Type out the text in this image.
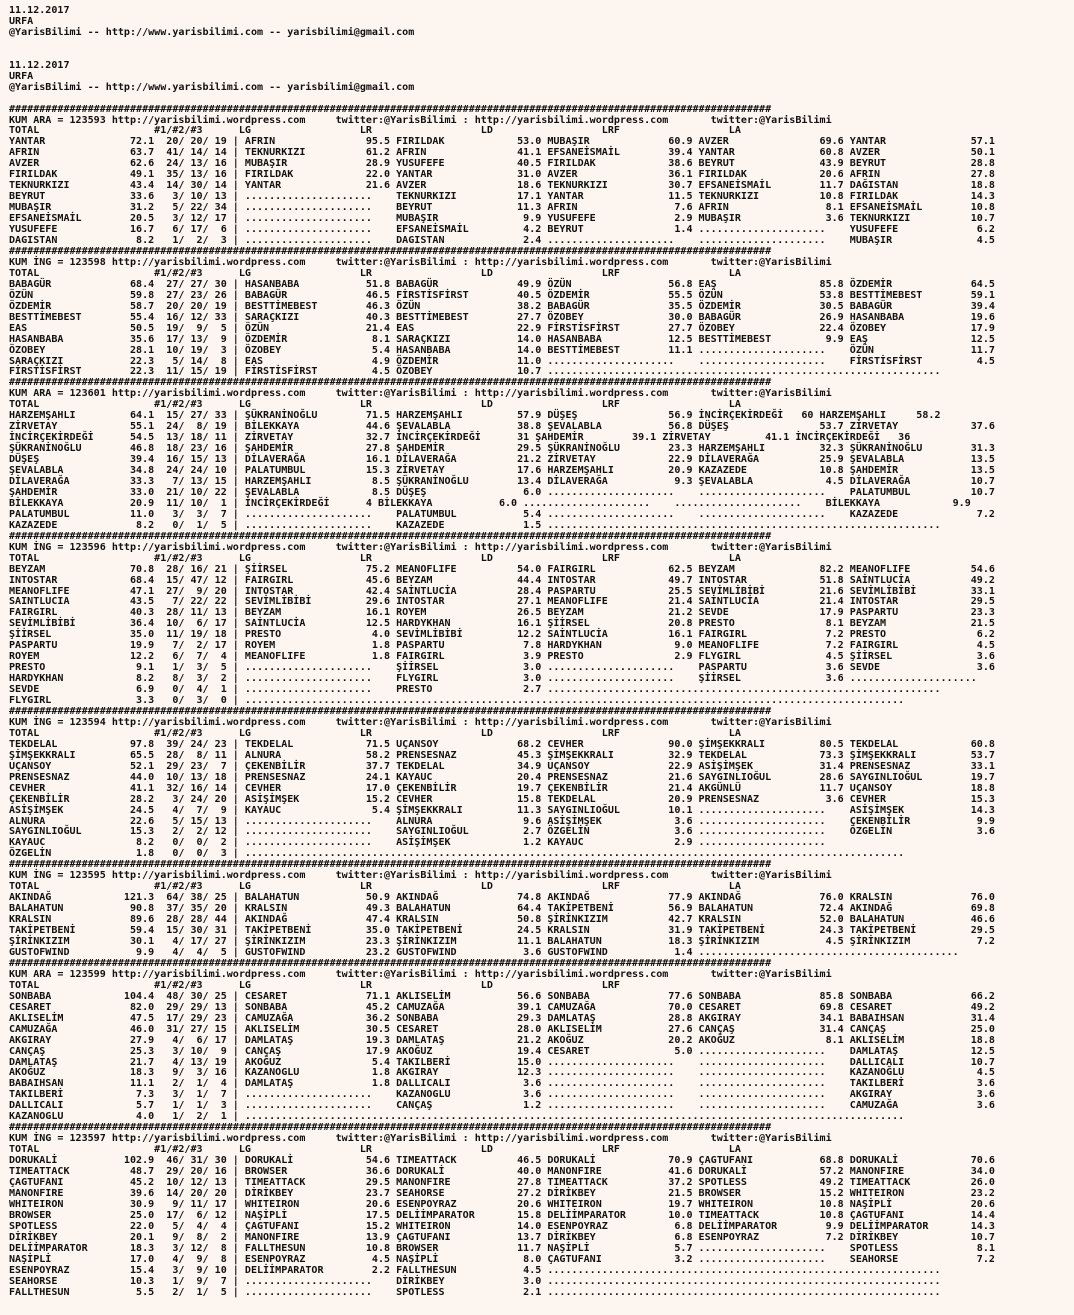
11.12.2017
URFA
@YarisBilimi -- http://www.yarisbilimi.com -- yarisbilimi@gmail.com

11.12.2017
URFA
@YarisBilimi -- http://www.yarisbilimi.com -- yarisbilimi@gmail.com

##############################################################################################################################
KUM ARA = 123593 http://yarisbilimi.wordpress.com     twitter:@YarisBilimi : http://yarisbilimi.wordpress.com       twitter:@YarisBilimi
TOTAL                   #1/#2/#3      LG                  LR                  LD                  LRF                  LA
YANTAR              72.1  20/ 20/ 19 | AFRIN               95.5 FIRILDAK            53.0 MUBAŞIR             60.9 AVZER               69.6 YANTAR              57.1
AFRIN               63.7  41/ 14/ 14 | TEKNURKIZI          61.2 AFRIN               41.1 EFSANEİSMAİL        39.4 YANTAR              60.8 AVZER               50.1
AVZER               62.6  24/ 13/ 16 | MUBAŞIR             28.9 YUSUFEFE            40.5 FIRILDAK            38.6 BEYRUT              43.9 BEYRUT              28.8
FIRILDAK            49.1  35/ 13/ 16 | FIRILDAK            22.0 YANTAR              31.0 AVZER               36.1 FIRILDAK            20.6 AFRIN               27.8
TEKNURKIZI          43.4  14/ 30/ 14 | YANTAR              21.6 AVZER               18.6 TEKNURKIZI          30.7 EFSANEİSMAİL        11.7 DAĞISTAN            18.8
BEYRUT              33.6   3/ 10/ 13 | .....................    TEKNURKIZI          17.1 YANTAR              11.5 TEKNURKIZI          10.8 FIRILDAK            14.3
MUBAŞIR             31.2   5/ 22/ 34 | .....................    BEYRUT              11.3 AFRIN                7.6 AFRIN                8.1 EFSANEİSMAİL        10.8
EFSANEİSMAİL        20.5   3/ 12/ 17 | .....................    MUBAŞIR              9.9 YUSUFEFE             2.9 MUBAŞIR              3.6 TEKNURKIZI          10.7
YUSUFEFE            16.7   6/ 17/  6 | .....................    EFSANEİSMAİL         4.2 BEYRUT               1.4 .....................    YUSUFEFE             6.2
DAGISTAN             8.2   1/  2/  3 | .....................    DAGISTAN             2.4 .....................    .....................    MUBAŞIR              4.5
##############################################################################################################################
KUM İNG = 123598 http://yarisbilimi.wordpress.com     twitter:@YarisBilimi : http://yarisbilimi.wordpress.com       twitter:@YarisBilimi
TOTAL                   #1/#2/#3      LG                  LR                  LD                  LRF                  LA
BABAGÜR             68.4  27/ 27/ 30 | HASANBABA           51.8 BABAGÜR             49.9 ÖZÜN                56.8 EAŞ                 85.8 ÖZDEMİR             64.5
ÖZÜN                59.8  27/ 23/ 26 | BABAGÜR             46.5 FİRSTİSFİRST        40.5 ÖZDEMİR             55.5 ÖZÜN                53.8 BESTTİMEBEST        59.1
ÖZDEMİR             58.7  20/ 20/ 19 | BESTTİMEBEST        46.3 ÖZÜN                38.2 BABAGÜR             35.5 ÖZDEMİR             30.5 BABAGÜR             39.4
BESTTİMEBEST        55.4  16/ 12/ 33 | SARAÇKIZI           40.3 BESTTİMEBEST        27.7 ÖZOBEY              30.0 BABAGÜR             26.9 HASANBABA           19.6
EAS                 50.5  19/  9/  5 | ÖZÜN                21.4 EAS                 22.9 FİRSTİSFİRST        27.7 ÖZOBEY              22.4 ÖZOBEY              17.9
HASANBABA           35.6  17/ 13/  9 | ÖZDEMİR              8.1 SARAÇKIZI           14.0 HASANBABA           12.5 BESTTİMEBEST         9.9 EAŞ                 12.5
ÖZOBEY              28.1  10/ 19/  3 | ÖZOBEY               5.4 HASANBABA           14.0 BESTTİMEBEST        11.1 .....................    ÖZÜN                11.7
SARAÇKIZI           22.3   5/ 14/  8 | EAS                  4.9 ÖZDEMİR             11.0 .....................    .....................    FİRSTİSFİRST         4.5
FİRSTİSFİRST        22.3  11/ 15/ 19 | FİRSTİSFİRST         4.5 ÖZOBEY              10.7 .................................................................
##############################################################################################################################
KUM ARA = 123601 http://yarisbilimi.wordpress.com     twitter:@YarisBilimi : http://yarisbilimi.wordpress.com       twitter:@YarisBilimi
TOTAL                   #1/#2/#3      LG                  LR                  LD                  LRF                  LA
HARZEMŞAHLI         64.1  15/ 27/ 33 | ŞÜKRANİNOĞLU        71.5 HARZEMŞAHLI         57.9 DÜŞEŞ               56.9 İNCİRÇEKİRDEĞİ   60 HARZEMŞAHLI     58.2
ZİRVETAY            55.1  24/  8/ 19 | BİLEKKAYA           44.6 ŞEVALABLA           38.8 ŞEVALABLA           56.8 DÜŞEŞ               53.7 ZİRVETAY            37.6
İNCİRÇEKİRDEĞİ      54.5  13/ 18/ 11 | ZİRVETAY            32.7 İNCİRÇEKİRDEĞİ      31 ŞAHDEMİR        39.1 ZİRVETAY         41.1 İNCİRÇEKİRDEĞİ   36
ŞÜKRANİNOĞLU        46.8  18/ 23/ 16 | ŞAHDEMİR            27.8 ŞAHDEMİR            29.5 ŞÜKRANİNOĞLU        23.3 HARZEMŞAHLI         32.3 ŞÜKRANİNOĞLU        31.3
DÜŞEŞ               39.4  16/ 15/ 13 | DİLAVERAĞA          16.1 DİLAVERAĞA          21.2 ZİRVETAY            22.9 DİLAVERAĞA          25.9 ŞEVALABLA           13.5
ŞEVALABLA           34.8  24/ 24/ 10 | PALATUMBUL          15.3 ZİRVETAY            17.6 HARZEMŞAHLI         20.9 KAZAZEDE            10.8 ŞAHDEMİR            13.5
DİLAVERAĞA          33.3   7/ 13/ 15 | HARZEMŞAHLI          8.5 ŞÜKRANİNOĞLU        13.4 DİLAVERAĞA           9.3 ŞEVALABLA            4.5 DİLAVERAĞA          10.7
ŞAHDEMİR            33.0  21/ 10/ 22 | ŞEVALABLA            8.5 DÜŞEŞ                6.0 .....................    .....................    PALATUMBUL          10.7
BİLEKKAYA           20.9  11/ 10/  1 | İNCİRÇEKİRDEĞİ      4 BİLEKKAYA           6.0 .....................    .....................    BİLEKKAYA            9.9
PALATUMBUL          11.0   3/  3/  7 | .....................    PALATUMBUL           5.4 .....................    .....................    KAZAZEDE             7.2
KAZAZEDE             8.2   0/  1/  5 | .....................    KAZAZEDE             1.5 .................................................................
##############################################################################################################################
KUM İNG = 123596 http://yarisbilimi.wordpress.com     twitter:@YarisBilimi : http://yarisbilimi.wordpress.com       twitter:@YarisBilimi
TOTAL                   #1/#2/#3      LG                  LR                  LD                  LRF                  LA
BEYZAM              70.8  28/ 16/ 21 | ŞİİRSEL             75.2 MEANOFLIFE          54.0 FAIRGIRL            62.5 BEYZAM              82.2 MEANOFLIFE          54.6
INTOSTAR            68.4  15/ 47/ 12 | FAIRGIRL            45.6 BEYZAM              44.4 INTOSTAR            49.7 INTOSTAR            51.8 SAİNTLUCİA          49.2
MEANOFLIFE          47.1  27/  9/ 20 | INTOSTAR            42.4 SAİNTLUCİA          28.4 PASPARTU            25.5 SEVİMLİBİBİ         21.6 SEVİMLİBİBİ         33.1
SAINTLUCIA          43.5   7/ 22/ 22 | SEVİMLİBİBİ         29.6 INTOSTAR            27.1 MEANOFLIFE          21.4 SAİNTLUCİA          21.4 INTOSTAR            29.5
FAIRGIRL            40.3  28/ 11/ 13 | BEYZAM              16.1 ROYEM               26.5 BEYZAM              21.2 SEVDE               17.9 PASPARTU            23.3
SEVİMLİBİBİ         36.4  10/  6/ 17 | SAİNTLUCİA          12.5 HARDYKHAN           16.1 ŞİİRSEL             20.8 PRESTO               8.1 BEYZAM              21.5
ŞİİRSEL             35.0  11/ 19/ 18 | PRESTO               4.0 SEVİMLİBİBİ         12.2 SAİNTLUCİA          16.1 FAIRGIRL             7.2 PRESTO               6.2
PASPARTU            19.9   7/  2/ 17 | ROYEM                1.8 PASPARTU             7.8 HARDYKHAN            9.0 MEANOFLIFE           7.2 FAIRGIRL             4.5
ROYEM               12.2   6/  7/  4 | MEANOFLIFE           1.8 FAIRGIRL             3.9 PRESTO               2.9 FLYGIRL              4.5 ŞİİRSEL              3.6
PRESTO               9.1   1/  3/  5 | .....................    ŞİİRSEL              3.0 .....................    PASPARTU             3.6 SEVDE                3.6
HARDYKHAN            8.2   8/  3/  2 | .....................    FLYGIRL              3.0 .....................    ŞİİRSEL              3.6 .....................
SEVDE                6.9   0/  4/  1 | .....................    PRESTO               2.7 .................................................................
FLYGIRL              3.3   0/  3/  0 | .............................................................................................................
##############################################################################################################################
KUM İNG = 123594 http://yarisbilimi.wordpress.com     twitter:@YarisBilimi : http://yarisbilimi.wordpress.com       twitter:@YarisBilimi
TOTAL                   #1/#2/#3      LG                  LR                  LD                  LRF                  LA
TEKDELAL            97.8  39/ 24/ 23 | TEKDELAL            71.5 UÇANSOY             68.2 CEVHER              90.0 ŞİMŞEKKRALI         80.5 TEKDELAL            60.8
ŞİMŞEKKRALI         65.5  28/  8/ 11 | ALNURA              58.2 PRENSESNAZ          45.3 ŞİMŞEKKRALI         32.9 TEKDELAL            73.3 ŞİMŞEKKRALI         53.7
UÇANSOY             52.1  29/ 23/  7 | ÇEKENBİLİR          37.7 TEKDELAL            34.9 UÇANSOY             22.9 ASİŞİMŞEK           31.4 PRENSESNAZ          33.1
PRENSESNAZ          44.0  10/ 13/ 18 | PRENSESNAZ          24.1 KAYAUC              20.4 PRENSESNAZ          21.6 SAYGINLIOĞUL        28.6 SAYGINLIOĞUL        19.7
CEVHER              41.1  32/ 16/ 14 | CEVHER              17.0 ÇEKENBİLİR          19.7 ÇEKENBİLİR          21.4 AKGÜNLÜ             11.7 UÇANSOY             18.8
ÇEKENBİLİR          28.2   3/ 24/ 20 | ASİŞİMŞEK           15.2 CEVHER              15.8 TEKDELAL            20.9 PRENSESNAZ           3.6 CEVHER              15.3
ASİŞİMŞEK           24.5   4/  7/  9 | KAYAUC               5.4 ŞİMŞEKKRALI         11.3 SAYGINLIOĞUL        10.1 .....................    ASİŞİMŞEK           14.3
ALNURA              22.6   5/ 15/ 13 | .....................    ALNURA               9.6 ASİŞİMŞEK            3.6 .....................    ÇEKENBİLİR           9.9
SAYGINLIOĞUL        15.3   2/  2/ 12 | .....................    SAYGINLIOĞUL         2.7 ÖZGELİN              3.6 .....................    ÖZGELİN              3.6
KAYAUC               8.2   0/  0/  2 | .....................    ASİŞİMŞEK            1.2 KAYAUC               2.9 .....................
ÖZGELİN              1.8   0/  0/  3 | .............................................................................................................
##############################################################################################################################
KUM İNG = 123595 http://yarisbilimi.wordpress.com     twitter:@YarisBilimi : http://yarisbilimi.wordpress.com       twitter:@YarisBilimi
TOTAL                   #1/#2/#3      LG                  LR                  LD                  LRF                  LA
AKINDAĞ            121.3  64/ 38/ 25 | BALAHATUN           50.9 AKINDAĞ             74.8 AKINDAĞ             77.9 AKINDAĞ             76.0 KRALSIN             76.0
BALAHATUN           90.8  37/ 35/ 20 | KRALSIN             49.3 BALAHATUN           64.4 TAKİPETBENİ         56.9 BALAHATUN           72.4 AKINDAĞ             69.8
KRALSIN             89.6  28/ 28/ 44 | AKINDAĞ             47.4 KRALSIN             50.8 ŞİRİNKIZIM          42.7 KRALSIN             52.0 BALAHATUN           46.6
TAKİPETBENİ         59.4  15/ 30/ 31 | TAKİPETBENİ         35.0 TAKİPETBENİ         24.5 KRALSIN             31.9 TAKİPETBENİ         24.3 TAKİPETBENİ         29.5
ŞİRİNKIZIM          30.1   4/ 17/ 27 | ŞİRİNKIZIM          23.3 ŞİRİNKIZIM          11.1 BALAHATUN           18.3 ŞİRİNKIZIM           4.5 ŞİRİNKIZIM           7.2
GUSTOFWIND           9.9   4/  4/  5 | GUSTOFWIND          23.2 GUSTOFWIND           3.6 GUSTOFWIND           1.4 ...........................................
##############################################################################################################################
KUM ARA = 123599 http://yarisbilimi.wordpress.com     twitter:@YarisBilimi : http://yarisbilimi.wordpress.com       twitter:@YarisBilimi
TOTAL                   #1/#2/#3      LG                  LR                  LD                  LRF
SONBABA            104.4  48/ 30/ 25 | CESARET             71.1 AKLISELİM           56.6 SONBABA             77.6 SONBABA             85.8 SONBABA             66.2
CESARET             82.0  29/ 29/ 13 | SONBABA             45.2 CAMUZAĞA            39.1 CAMUZAĞA            70.0 CESARET             69.8 CESARET             49.2
AKLISELİM           47.5  17/ 29/ 23 | CAMUZAĞA            36.2 SONBABA             29.3 DAMLATAŞ            28.8 AKGIRAY             34.1 BABAIHSAN           31.4
CAMUZAĞA            46.0  31/ 27/ 15 | AKLISELİM           30.5 CESARET             28.0 AKLISELİM           27.6 CANÇAŞ              31.4 CANÇAŞ              25.0
AKGIRAY             27.9   4/  6/ 17 | DAMLATAŞ            19.3 DAMLATAŞ            21.2 AKOĞUZ              20.2 AKOĞUZ               8.1 AKLISELİM           18.8
CANÇAŞ              25.3   3/ 10/  9 | CANÇAŞ              17.9 AKOĞUZ              19.4 CESARET              5.0 .....................    DAMLATAŞ            12.5
DAMLATAŞ            21.7   4/ 13/ 19 | AKOĞUZ               5.4 TAKILBERİ           15.0 .....................    .....................    DALLICALI           10.7
AKOĞUZ              18.3   9/  3/ 16 | KAZANOGLU            1.8 AKGIRAY             12.3 .....................    .....................    KAZANOĞLU            4.5
BABAIHSAN           11.1   2/  1/  4 | DAMLATAŞ             1.8 DALLICALI            3.6 .....................    .....................    TAKILBERİ            3.6
TAKILBERİ            7.3   3/  1/  7 | .....................    KAZANOGLU            3.6 .....................    .....................    AKGIRAY              3.6
DALLICALI            5.7   1/  1/  3 | .....................    CANÇAŞ               1.2 .....................    .....................    CAMUZAĞA             3.6
KAZANOGLU            4.0   1/  2/  1 | .............................................................................................................
##############################################################################################################################
KUM İNG = 123597 http://yarisbilimi.wordpress.com     twitter:@YarisBilimi : http://yarisbilimi.wordpress.com       twitter:@YarisBilimi
TOTAL                   #1/#2/#3      LG                  LR                  LD                  LRF                  LA
DORUKALİ           102.9  46/ 31/ 30 | DORUKALİ            54.6 TIMEATTACK          46.5 DORUKALİ            70.9 ÇAGTUFANI           68.8 DORUKALİ            70.6
TIMEATTACK          48.7  29/ 20/ 16 | BROWSER             36.6 DORUKALİ            40.0 MANONFIRE           41.6 DORUKALİ            57.2 MANONFIRE           34.0
ÇAGTUFANI           45.2  10/ 12/ 13 | TIMEATTACK          29.5 MANONFIRE           27.8 TIMEATTACK          37.2 SPOTLESS            49.2 TIMEATTACK          26.0
MANONFIRE           39.6  14/ 20/ 20 | DİRİKBEY            23.7 SEAHORSE            27.2 DİRİKBEY            21.5 BROWSER             15.2 WHITEIRON           23.2
WHITEIRON           30.9   9/ 11/ 17 | WHITEIRON           20.6 ESENPOYRAZ          20.6 WHITEIRON           19.7 WHITEIRON           10.8 NAŞİPLİ             20.6
BROWSER             25.0  17/  6/ 12 | NAŞİPLİ             17.5 DELİİMPARATOR       15.8 DELİİMPARATOR       10.0 TIMEATTACK          10.8 ÇAGTUFANI           14.4
SPOTLESS            22.0   5/  4/  4 | ÇAGTUFANI           15.2 WHITEIRON           14.0 ESENPOYRAZ           6.8 DELİİMPARATOR        9.9 DELİİMPARATOR       14.3
DİRİKBEY            20.1   9/  8/  2 | MANONFIRE           13.9 ÇAGTUFANI           13.7 DİRİKBEY             6.8 ESENPOYRAZ           7.2 DİRİKBEY            10.7
DELİİMPARATOR       18.3   3/ 12/  8 | FALLTHESUN          10.8 BROWSER             11.7 NAŞİPLİ              5.7 .....................    SPOTLESS             8.1
NAŞİPLİ             17.0   4/  9/  8 | ESENPOYRAZ           4.5 NAŞİPLİ              8.0 ÇAGTUFANI            3.2 .....................    SEAHORSE             7.2
ESENPOYRAZ          15.4   3/  9/ 10 | DELİİMPARATOR        2.2 FALLTHESUN           4.5 .................................................................
SEAHORSE            10.3   1/  9/  7 | .....................    DİRİKBEY             3.0 .................................................................
FALLTHESUN           5.5   2/  1/  5 | .....................    SPOTLESS             2.1 .................................................................
